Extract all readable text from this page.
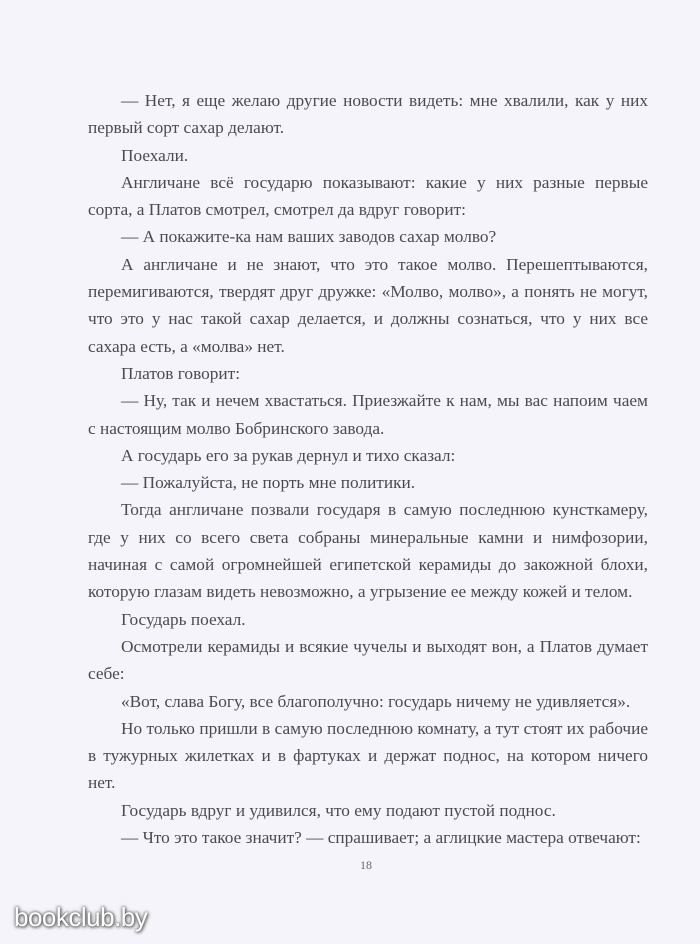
— Нет, я еще желаю другие новости видеть: мне хвалили, как у них первый сорт сахар делают.

Поехали.

Англичане всё государю показывают: какие у них разные первые сорта, а Платов смотрел, смотрел да вдруг говорит:

— А покажите-ка нам ваших заводов сахар молво?

А англичане и не знают, что это такое молво. Перешептываются, перемигиваются, твердят друг дружке: «Молво, молво», а понять не могут, что это у нас такой сахар делается, и должны сознаться, что у них все сахара есть, а «молва» нет.

Платов говорит:

— Ну, так и нечем хвастаться. Приезжайте к нам, мы вас напоим чаем с настоящим молво Бобринского завода.

А государь его за рукав дернул и тихо сказал:

— Пожалуйста, не порть мне политики.

Тогда англичане позвали государя в самую последнюю кунсткамеру, где у них со всего света собраны минеральные камни и нимфозории, начиная с самой огромнейшей египетской керамиды до закожной блохи, которую глазам видеть невозможно, а угрызение ее между кожей и телом.

Государь поехал.

Осмотрели керамиды и всякие чучелы и выходят вон, а Платов думает себе:

«Вот, слава Богу, все благополучно: государь ничему не удивляется».

Но только пришли в самую последнюю комнату, а тут стоят их рабочие в тужурных жилетках и в фартуках и держат поднос, на котором ничего нет.

Государь вдруг и удивился, что ему подают пустой поднос.

— Что это такое значит? — спрашивает; а аглицкие мастера отвечают:

18
bookclub.by
